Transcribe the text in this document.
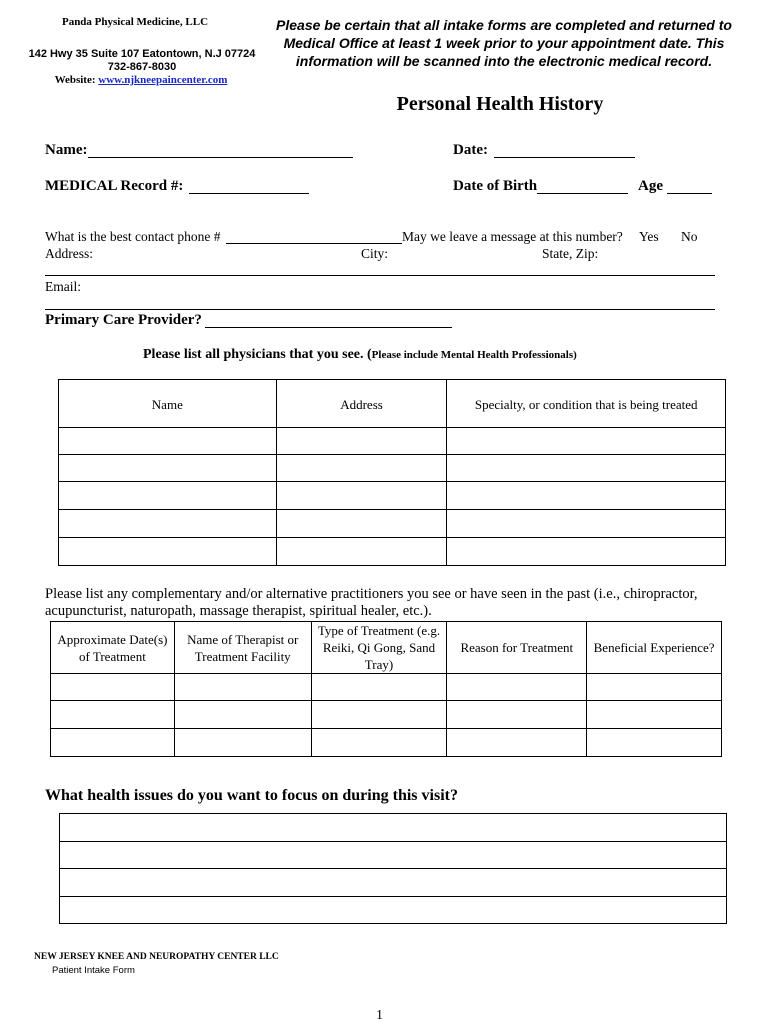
Panda Physical Medicine, LLC
142 Hwy 35 Suite 107 Eatontown, N.J 07724
732-867-8030
Website: www.njkneepaincenter.com
Please be certain that all intake forms are completed and returned to Medical Office at least 1 week prior to your appointment date. This information will be scanned into the electronic medical record.
Personal Health History
Name:	Date:
MEDICAL Record #:	Date of Birth	Age
What is the best contact phone #	May we leave a message at this number? Yes No
Address:	City:	State, Zip:
Email:
Primary Care Provider?
Please list all physicians that you see. (Please include Mental Health Professionals)
Name	Address	Specialty, or condition that is being treated

Please list any complementary and/or alternative practitioners you see or have seen in the past (i.e., chiropractor, acupuncturist, naturopath, massage therapist, spiritual healer, etc.).
Approximate Date(s) of Treatment	Name of Therapist or Treatment Facility	Type of Treatment (e.g. Reiki, Qi Gong, Sand Tray)	Reason for Treatment	Beneficial Experience?

What health issues do you want to focus on during this visit?

NEW JERSEY KNEE AND NEUROPATHY CENTER LLC
Patient Intake Form
1
